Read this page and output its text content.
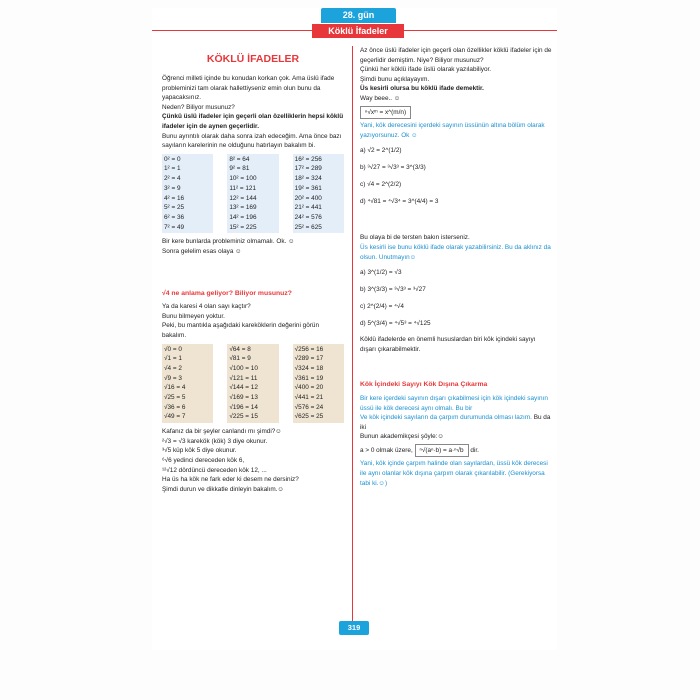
28. gün
Köklü İfadeler
KÖKLÜ İFADELER
Öğrenci milleti içinde bu konudan korkan çok. Ama üslü ifade probleminizi tam olarak hallettiyseniz emin olun bunu da yapacaksınız.
Neden? Biliyor musunuz?
Çünkü üslü ifadeler için geçerli olan özelliklerin hepsi köklü ifadeler için de aynen geçerlidir.
Bunu ayrıntılı olarak daha sonra izah edeceğim. Ama önce bazı sayıların karelerinin ne olduğunu hatırlayın bakalım bi.
0² = 0
1² = 1
2² = 4
3² = 9
4² = 16
5² = 25
6² = 36
7² = 49
8² = 64
9² = 81
10² = 100
11² = 121
12² = 144
13² = 169
14² = 196
15² = 225
16² = 256
17² = 289
18² = 324
19² = 361
20² = 400
21² = 441
24² = 576
25² = 625
Bir kere bunlarda probleminiz olmamalı. Ok. ☺
Sonra gelelim esas olaya ☺
√4 ne anlama geliyor? Biliyor musunuz?
Ya da karesi 4 olan sayı kaçtır?
Bunu bilmeyen yoktur.
Peki, bu mantıkla aşağıdaki kareköklerin değerini görün bakalım.
√0 = 0
√1 = 1
√4 = 2
√9 = 3
√16 = 4
√25 = 5
√36 = 6
√49 = 7
√64 = 8
√81 = 9
√100 = 10
√121 = 11
√144 = 12
√169 = 13
√196 = 14
√225 = 15
√256 = 16
√289 = 17
√324 = 18
√361 = 19
√400 = 20
√441 = 21
√576 = 24
√625 = 25
Kafanız da bir şeyler canlandı mı şimdi?☺
²√3 = √3 karekök (kök) 3 diye okunur.
³√5 küp kök 5 diye okunur.
⁶√6 yedinci dereceden kök 6,
¹²√12 dördüncü dereceden kök 12, ...
Ha üs ha kök ne fark eder ki desem ne dersiniz?
Şimdi durun ve dikkatle dinleyin bakalım.☺
Az önce üslü ifadeler için geçerli olan özellikler köklü ifadeler için de geçerlidir demiştim. Niye? Biliyor musunuz?
Çünkü her köklü ifade üslü olarak yazılabiliyor.
Şimdi bunu açıklayayım.
Üs kesirli olursa bu köklü ifade demektir.
Way beee.. ☺
ⁿ√xᵐ = x^(m/n)
Yani, kök derecesini içerdeki sayının üssünün altına bölüm olarak yazıyorsunuz. Ok ☺
a) √2 = 2^(1/2)
b) ³√27 = ³√3³ = 3^(3/3)
c) √4 = 2^(2/2)
d) ⁴√81 = ⁴√3⁴ = 3^(4/4) = 3
Bu olaya bi de tersten bakın isterseniz.
Üs kesirli ise bunu köklü ifade olarak yazabilirsiniz. Bu da aklınız da olsun. Unutmayın☺
a) 3^(1/2) = √3
b) 3^(3/3) = ³√3³ = ³√27
c) 2^(2/4) = ⁴√4
d) 5^(3/4) = ⁴√5³ = ⁴√125
Köklü ifadelerde en önemli hususlardan biri kök içindeki sayıyı dışarı çıkarabilmektir.
Kök İçindeki Sayıyı Kök Dışına Çıkarma
Bir kere içerdeki sayının dışarı çıkabilmesi için kök içindeki sayının üssü ile kök derecesi aynı olmalı. Bu bir
Ve kök içindeki sayıların da çarpım durumunda olması lazım. Bu da iki
Bunun akademikçesi şöyle:☺
a > 0 olmak üzere, ⁿ√(aⁿ·b) = a·ⁿ√b dir.
Yani, kök içinde çarpım halinde olan sayılardan, üssü kök derecesi ile aynı olanlar kök dışına çarpım olarak çıkarılabilir. (Gerekiyorsa tabi ki.☺)
319
